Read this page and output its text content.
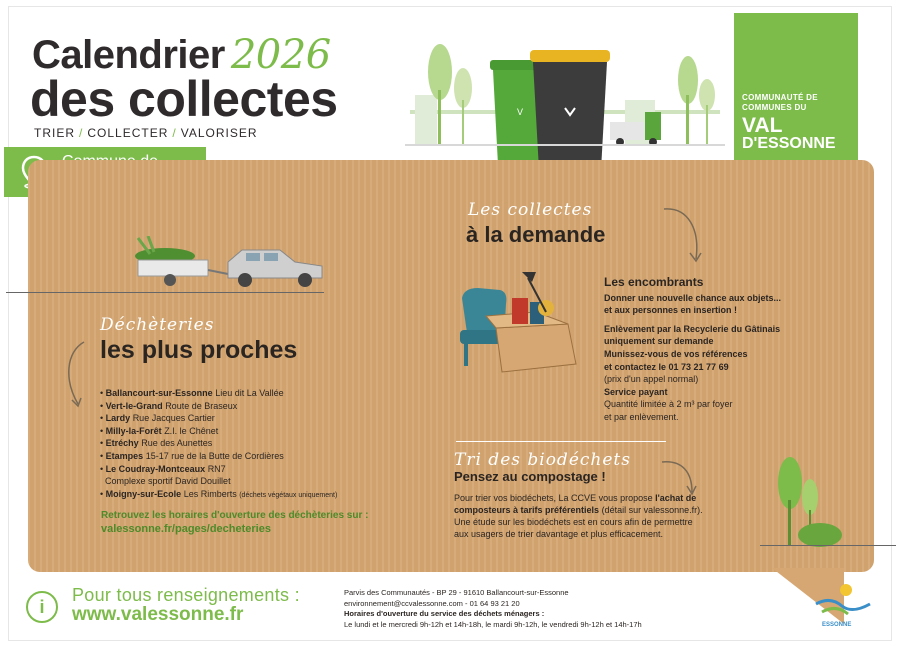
Calendrier 2026
des collectes
TRIER / COLLECTER / VALORISER
V
COMMUNAUTÉ DE COMMUNES DU
VAL
D'ESSONNE
Déchèteries
les plus proches
• Ballancourt-sur-Essonne Lieu dit La Vallée
• Vert-le-Grand Route de Braseux
• Lardy Rue Jacques Cartier
• Milly-la-Forêt Z.I. le Chênet
• Etréchy Rue des Aunettes
• Etampes 15-17 rue de la Butte de Cordières
• Le Coudray-Montceaux RN7
Complexe sportif David Douillet
• Moigny-sur-Ecole Les Rimberts (déchets végétaux uniquement)
Retrouvez les horaires d'ouverture des déchèteries sur :
valessonne.fr/pages/decheteries
Les collectes
à la demande
Les encombrants
Donner une nouvelle chance aux objets...
et aux personnes en insertion !
Enlèvement par la Recyclerie du Gâtinais
uniquement sur demande
Munissez-vous de vos références
et contactez le 01 73 21 77 69
(prix d'un appel normal)
Service payant
Quantité limitée à 2 m³ par foyer
et par enlèvement.
Tri des biodéchets
Pensez au compostage !
Pour trier vos biodéchets, La CCVE vous propose l'achat de
composteurs à tarifs préférentiels (détail sur valessonne.fr).
Une étude sur les biodéchets est en cours afin de permettre
aux usagers de trier davantage et plus efficacement.
i
Pour tous renseignements :
www.valessonne.fr
Parvis des Communautés - BP 29 - 91610 Ballancourt-sur-Essonne
environnement@ccvalessonne.com - 01 64 93 21 20
Horaires d'ouverture du service des déchets ménagers :
Le lundi et le mercredi 9h-12h et 14h-18h, le mardi 9h-12h, le vendredi 9h-12h et 14h-17h	ESSONNE
